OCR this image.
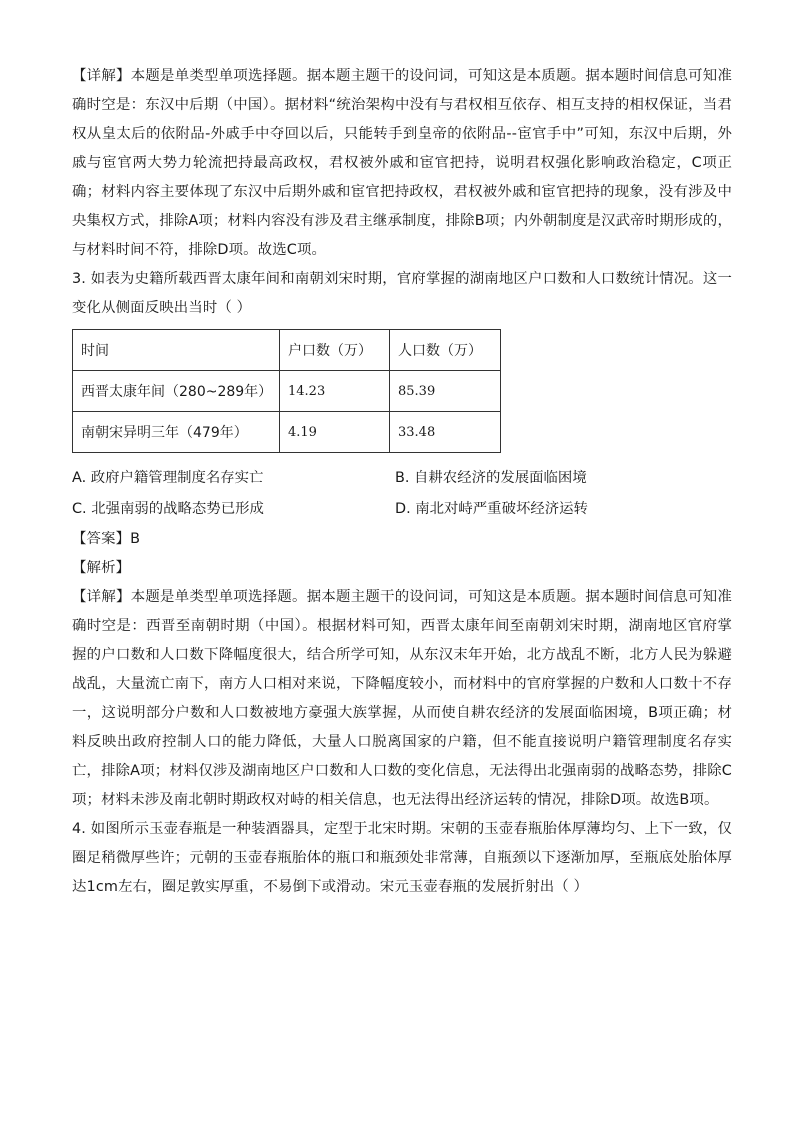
【详解】本题是单类型单项选择题。据本题主题干的设问词，可知这是本质题。据本题时间信息可知准确时空是：东汉中后期（中国）。据材料“统治架构中没有与君权相互依存、相互支持的相权保证，当君权从皇太后的依附品-外戚手中夺回以后，只能转手到皇帝的依附品--宦官手中”可知，东汉中后期，外戚与宦官两大势力轮流把持最高政权，君权被外戚和宦官把持，说明君权强化影响政治稳定，C项正确；材料内容主要体现了东汉中后期外戚和宦官把持政权，君权被外戚和宦官把持的现象，没有涉及中央集权方式，排除A项；材料内容没有涉及君主继承制度，排除B项；内外朝制度是汉武帝时期形成的，与材料时间不符，排除D项。故选C项。

3. 如表为史籍所载西晋太康年间和南朝刘宋时期，官府掌握的湖南地区户口数和人口数统计情况。这一变化从侧面反映出当时（ ）

时间	户口数（万）	人口数（万）
西晋太康年间（280~289年）	14.23	85.39
南朝宋异明三年（479年）	4.19	33.48
A. 政府户籍管理制度名存实亡	B. 自耕农经济的发展面临困境
C. 北强南弱的战略态势已形成	D. 南北对峙严重破坏经济运转

【答案】B

【解析】

【详解】本题是单类型单项选择题。据本题主题干的设问词，可知这是本质题。据本题时间信息可知准确时空是：西晋至南朝时期（中国）。根据材料可知，西晋太康年间至南朝刘宋时期，湖南地区官府掌握的户口数和人口数下降幅度很大，结合所学可知，从东汉末年开始，北方战乱不断，北方人民为躲避战乱，大量流亡南下，南方人口相对来说，下降幅度较小，而材料中的官府掌握的户数和人口数十不存一，这说明部分户数和人口数被地方豪强大族掌握，从而使自耕农经济的发展面临困境，B项正确；材料反映出政府控制人口的能力降低，大量人口脱离国家的户籍，但不能直接说明户籍管理制度名存实亡，排除A项；材料仅涉及湖南地区户口数和人口数的变化信息，无法得出北强南弱的战略态势，排除C项；材料未涉及南北朝时期政权对峙的相关信息，也无法得出经济运转的情况，排除D项。故选B项。

4. 如图所示玉壶春瓶是一种装酒器具，定型于北宋时期。宋朝的玉壶春瓶胎体厚薄均匀、上下一致，仅圈足稍微厚些许；元朝的玉壶春瓶胎体的瓶口和瓶颈处非常薄，自瓶颈以下逐渐加厚，至瓶底处胎体厚达1cm左右，圈足敦实厚重，不易倒下或滑动。宋元玉壶春瓶的发展折射出（ ）
